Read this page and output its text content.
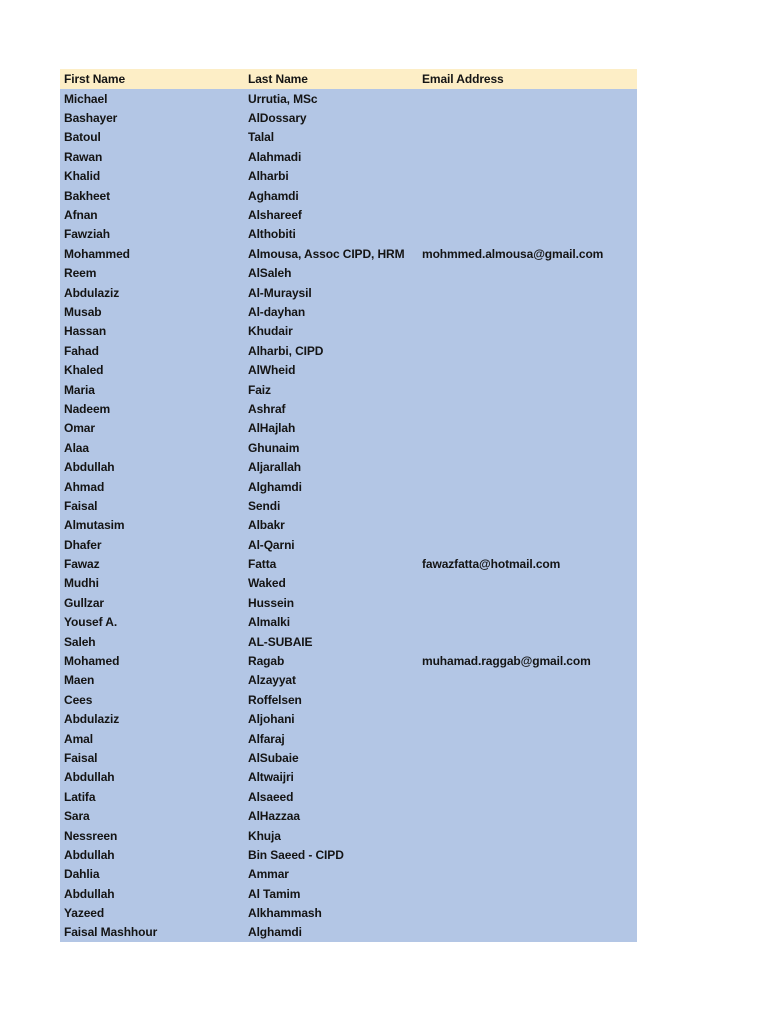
First Name	Last Name	Email Address
Michael	Urrutia, MSc
Bashayer	AlDossary
Batoul	Talal
Rawan	Alahmadi
Khalid	Alharbi
Bakheet	Aghamdi
Afnan	Alshareef
Fawziah	Althobiti
Mohammed	Almousa, Assoc CIPD, HRM	mohmmed.almousa@gmail.com
Reem	AlSaleh
Abdulaziz	Al-Muraysil
Musab	Al-dayhan
Hassan	Khudair
Fahad	Alharbi, CIPD
Khaled	AlWheid
Maria	Faiz
Nadeem	Ashraf
Omar	AlHajlah
Alaa	Ghunaim
Abdullah	Aljarallah
Ahmad	Alghamdi
Faisal	Sendi
Almutasim	Albakr
Dhafer	Al-Qarni
Fawaz	Fatta	fawazfatta@hotmail.com
Mudhi	Waked
Gullzar	Hussein
Yousef A.	Almalki
Saleh	AL-SUBAIE
Mohamed	Ragab	muhamad.raggab@gmail.com
Maen	Alzayyat
Cees	Roffelsen
Abdulaziz	Aljohani
Amal	Alfaraj
Faisal	AlSubaie
Abdullah	Altwaijri
Latifa	Alsaeed
Sara	AlHazzaa
Nessreen	Khuja
Abdullah	Bin Saeed - CIPD
Dahlia	Ammar
Abdullah	Al Tamim
Yazeed	Alkhammash
Faisal Mashhour	Alghamdi
